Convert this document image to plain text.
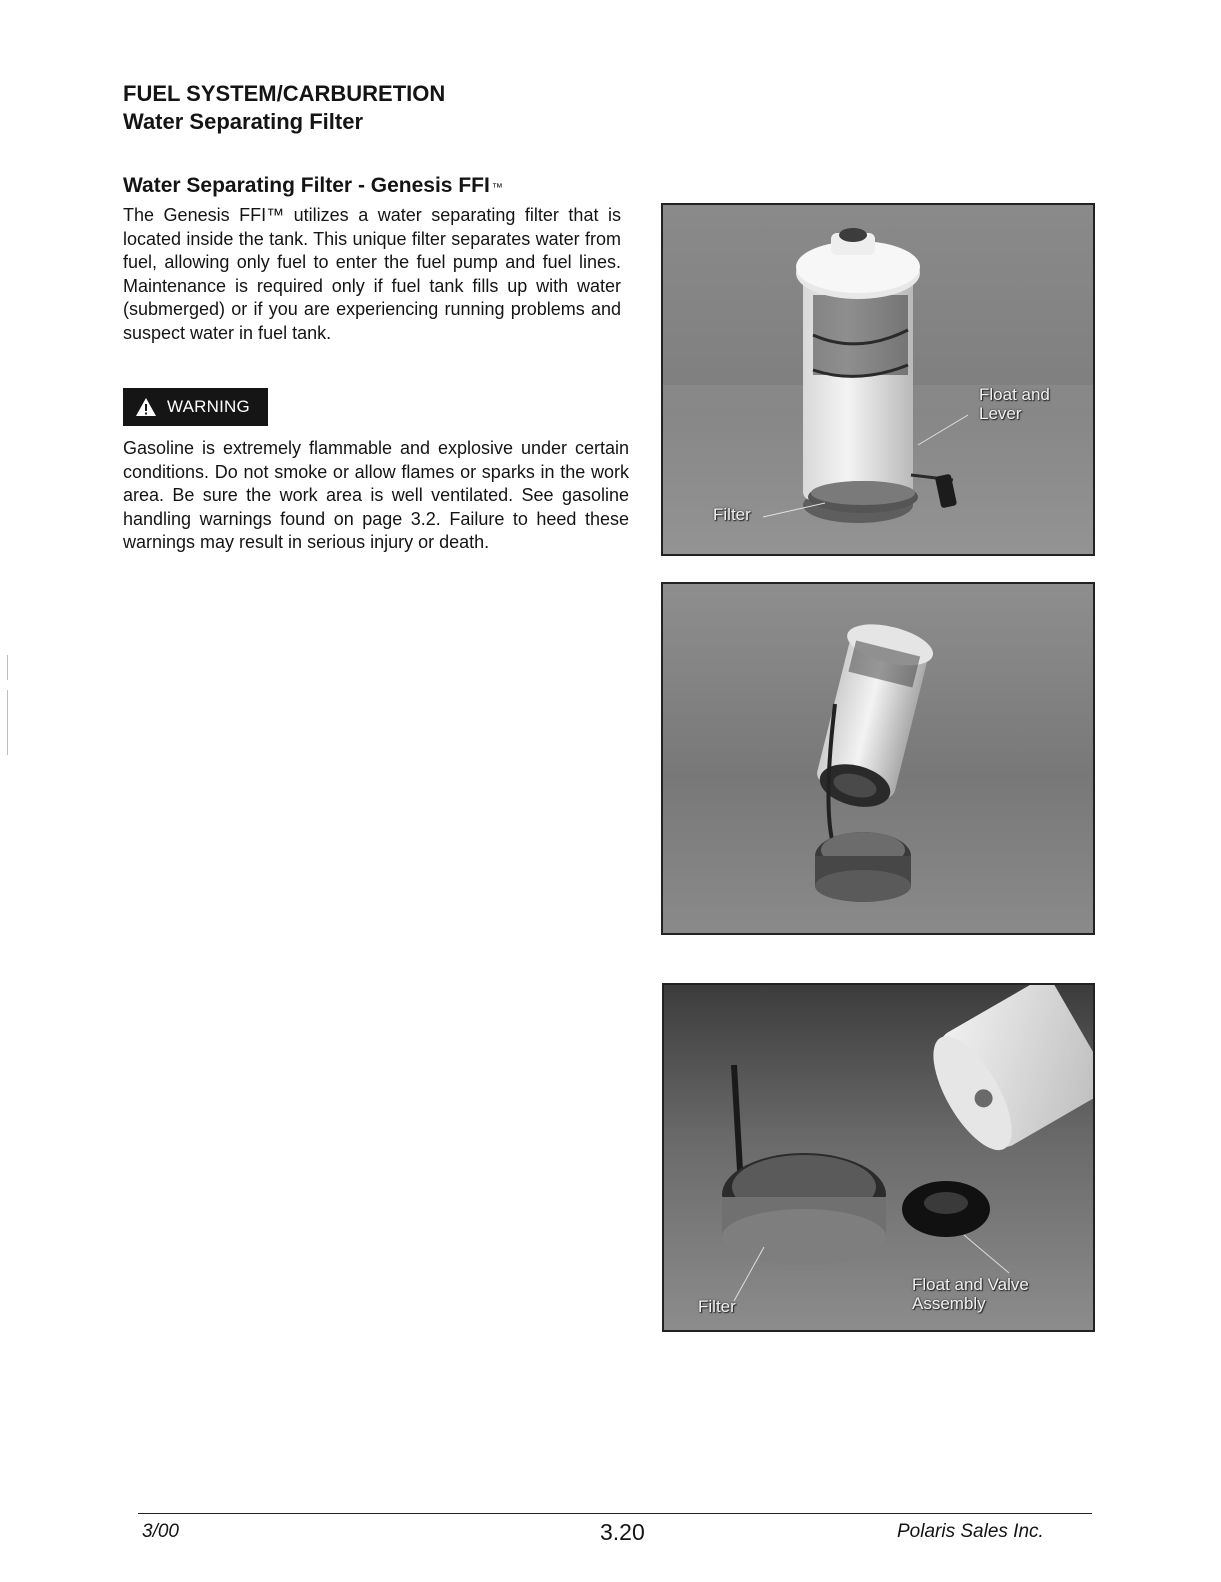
FUEL SYSTEM/CARBURETION
Water Separating Filter
Water Separating Filter - Genesis FFI ™

The Genesis FFI™ utilizes a water separating filter that is located inside the tank. This unique filter separates water from fuel, allowing only fuel to enter the fuel pump and fuel lines. Maintenance is required only if fuel tank fills up with water (submerged) or if you are experiencing running problems and suspect water in fuel tank.

WARNING

Gasoline is extremely flammable and explosive under certain conditions. Do not smoke or allow flames or sparks in the work area. Be sure the work area is well ventilated. See gasoline handling warnings found on page 3.2. Failure to heed these warnings may result in serious injury or death.

Float and Lever
Filter
Filter
Float and Valve Assembly
3/00	3.20	Polaris Sales Inc.
